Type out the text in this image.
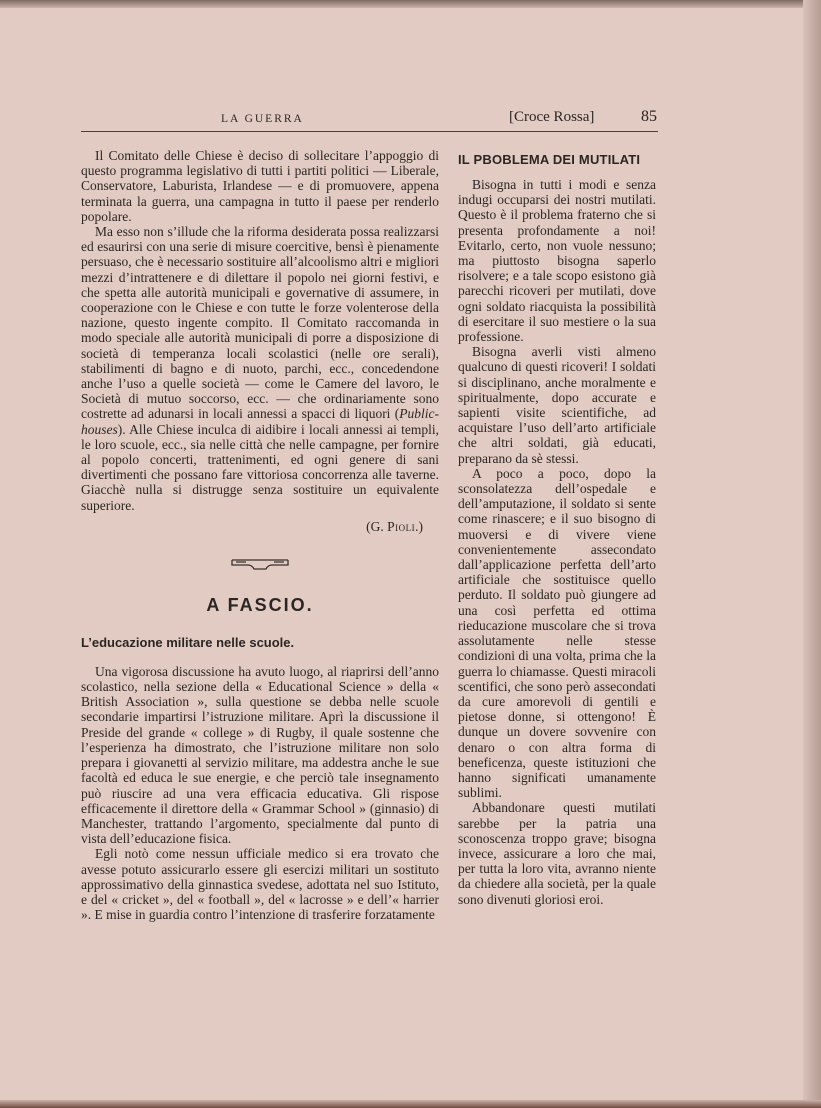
LA GUERRA	[Croce Rossa]	85

Il Comitato delle Chiese è deciso di sollecitare l’appoggio di questo programma legislativo di tutti i partiti politici — Liberale, Conservatore, Laburista, Irlandese — e di promuovere, appena terminata la guerra, una campagna in tutto il paese per renderlo popolare.

Ma esso non s’illude che la riforma desiderata possa realizzarsi ed esaurirsi con una serie di misure coercitive, bensì è pienamente persuaso, che è necessario sostituire all’alcoolismo altri e migliori mezzi d’intrattenere e di dilettare il popolo nei giorni festivi, e che spetta alle autorità municipali e governative di assumere, in cooperazione con le Chiese e con tutte le forze volenterose della nazione, questo ingente compito. Il Comitato raccomanda in modo speciale alle autorità municipali di porre a disposizione di società di temperanza locali scolastici (nelle ore serali), stabilimenti di bagno e di nuoto, parchi, ecc., concedendone anche l’uso a quelle società — come le Camere del lavoro, le Società di mutuo soccorso, ecc. — che ordinariamente sono costrette ad adunarsi in locali annessi a spacci di liquori (Public-houses). Alle Chiese inculca di aidibire i locali annessi ai templi, le loro scuole, ecc., sia nelle città che nelle campagne, per fornire al popolo concerti, trattenimenti, ed ogni genere di sani divertimenti che possano fare vittoriosa concorrenza alle taverne. Giacchè nulla si distrugge senza sostituire un equivalente superiore.

(G. Pioli.)
A FASCIO.
L’educazione militare nelle scuole.

Una vigorosa discussione ha avuto luogo, al riaprirsi dell’anno scolastico, nella sezione della « Educational Science » della « British Association », sulla questione se debba nelle scuole secondarie impartirsi l’istruzione militare. Aprì la discussione il Preside del grande « college » di Rugby, il quale sostenne che l’esperienza ha dimostrato, che l’istruzione militare non solo prepara i giovanetti al servizio militare, ma addestra anche le sue facoltà ed educa le sue energie, e che perciò tale insegnamento può riuscire ad una vera efficacia educativa. Gli rispose efficacemente il direttore della « Grammar School » (ginnasio) di Manchester, trattando l’argomento, specialmente dal punto di vista dell’educazione fisica.

Egli notò come nessun ufficiale medico si era trovato che avesse potuto assicurarlo essere gli esercizi militari un sostituto approssimativo della ginnastica svedese, adottata nel suo Istituto, e del « cricket », del « football », del « lacrosse » e dell’« harrier ». E mise in guardia contro l’intenzione di trasferire forzatamente

IL PBOBLEMA DEI MUTILATI

Bisogna in tutti i modi e senza indugi occuparsi dei nostri mutilati. Questo è il problema fraterno che si presenta profondamente a noi! Evitarlo, certo, non vuole nessuno; ma piuttosto bisogna saperlo risolvere; e a tale scopo esistono già parecchi ricoveri per mutilati, dove ogni soldato riacquista la possibilità di esercitare il suo mestiere o la sua professione.

Bisogna averli visti almeno qualcuno di questi ricoveri! I soldati si disciplinano, anche moralmente e spiritualmente, dopo accurate e sapienti visite scientifiche, ad acquistare l’uso dell’arto artificiale che altri soldati, già educati, preparano da sè stessi.

A poco a poco, dopo la sconsolatezza dell’ospedale e dell’amputazione, il soldato si sente come rinascere; e il suo bisogno di muoversi e di vivere viene convenientemente assecondato dall’applicazione perfetta dell’arto artificiale che sostituisce quello perduto. Il soldato può giungere ad una così perfetta ed ottima rieducazione muscolare che si trova assolutamente nelle stesse condizioni di una volta, prima che la guerra lo chiamasse. Questi miracoli scentifici, che sono però assecondati da cure amorevoli di gentili e pietose donne, si ottengono! È dunque un dovere sovvenire con denaro o con altra forma di beneficenza, queste istituzioni che hanno significati umanamente sublimi.

Abbandonare questi mutilati sarebbe per la patria una sconoscenza troppo grave; bisogna invece, assicurare a loro che mai, per tutta la loro vita, avranno niente da chiedere alla società, per la quale sono divenuti gloriosi eroi.
